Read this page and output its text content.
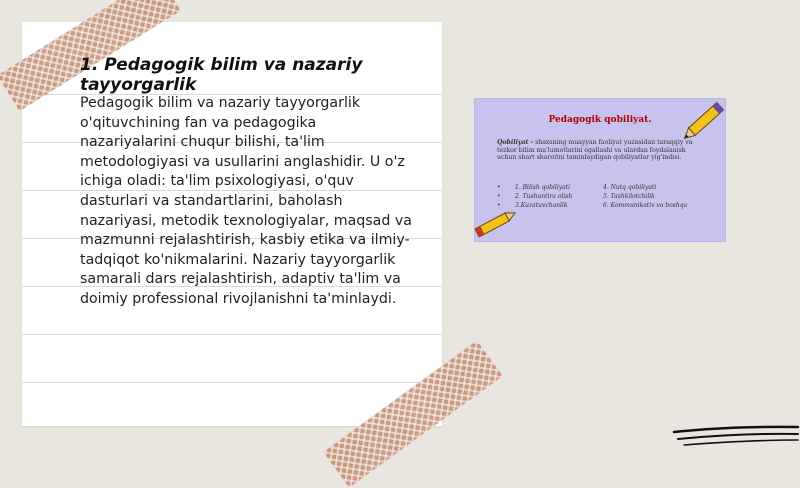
1. Pedagogik bilim va nazariy tayyorgarlik

Pedagogik bilim va nazariy tayyorgarlik o'qituvchining fan va pedagogika nazariyalarini chuqur bilishi, ta'lim metodologiyasi va usullarini anglashidir. U o'z ichiga oladi: ta'lim psixologiyasi, o'quv dasturlari va standartlarini, baholash nazariyasi, metodik texnologiyalar, maqsad va mazmunni rejalashtirish, kasbiy etika va ilmiy-tadqiqot ko'nikmalarini. Nazariy tayyorgarlik samarali dars rejalashtirish, adaptiv ta'lim va doimiy professional rivojlanishni ta'minlaydi.

Pedagogik qobiliyat.
Qobiliyat - shaxsning muayyan faoliyat yuzasidan taraqqiy va tezkor bilim ma'lumotlarini egallashi va ulardan foydalanish uchun shart sharoitni taminlaydigan qobiliyatlar yig'indisi.
•	1. Bilish qobiliyati	4. Nutq qobiliyati
•	2. Tushuntira olish	5. Tashkilotchilik
•	3.Kuzatuvchanlik	6. Kommunikativ va boshqa
